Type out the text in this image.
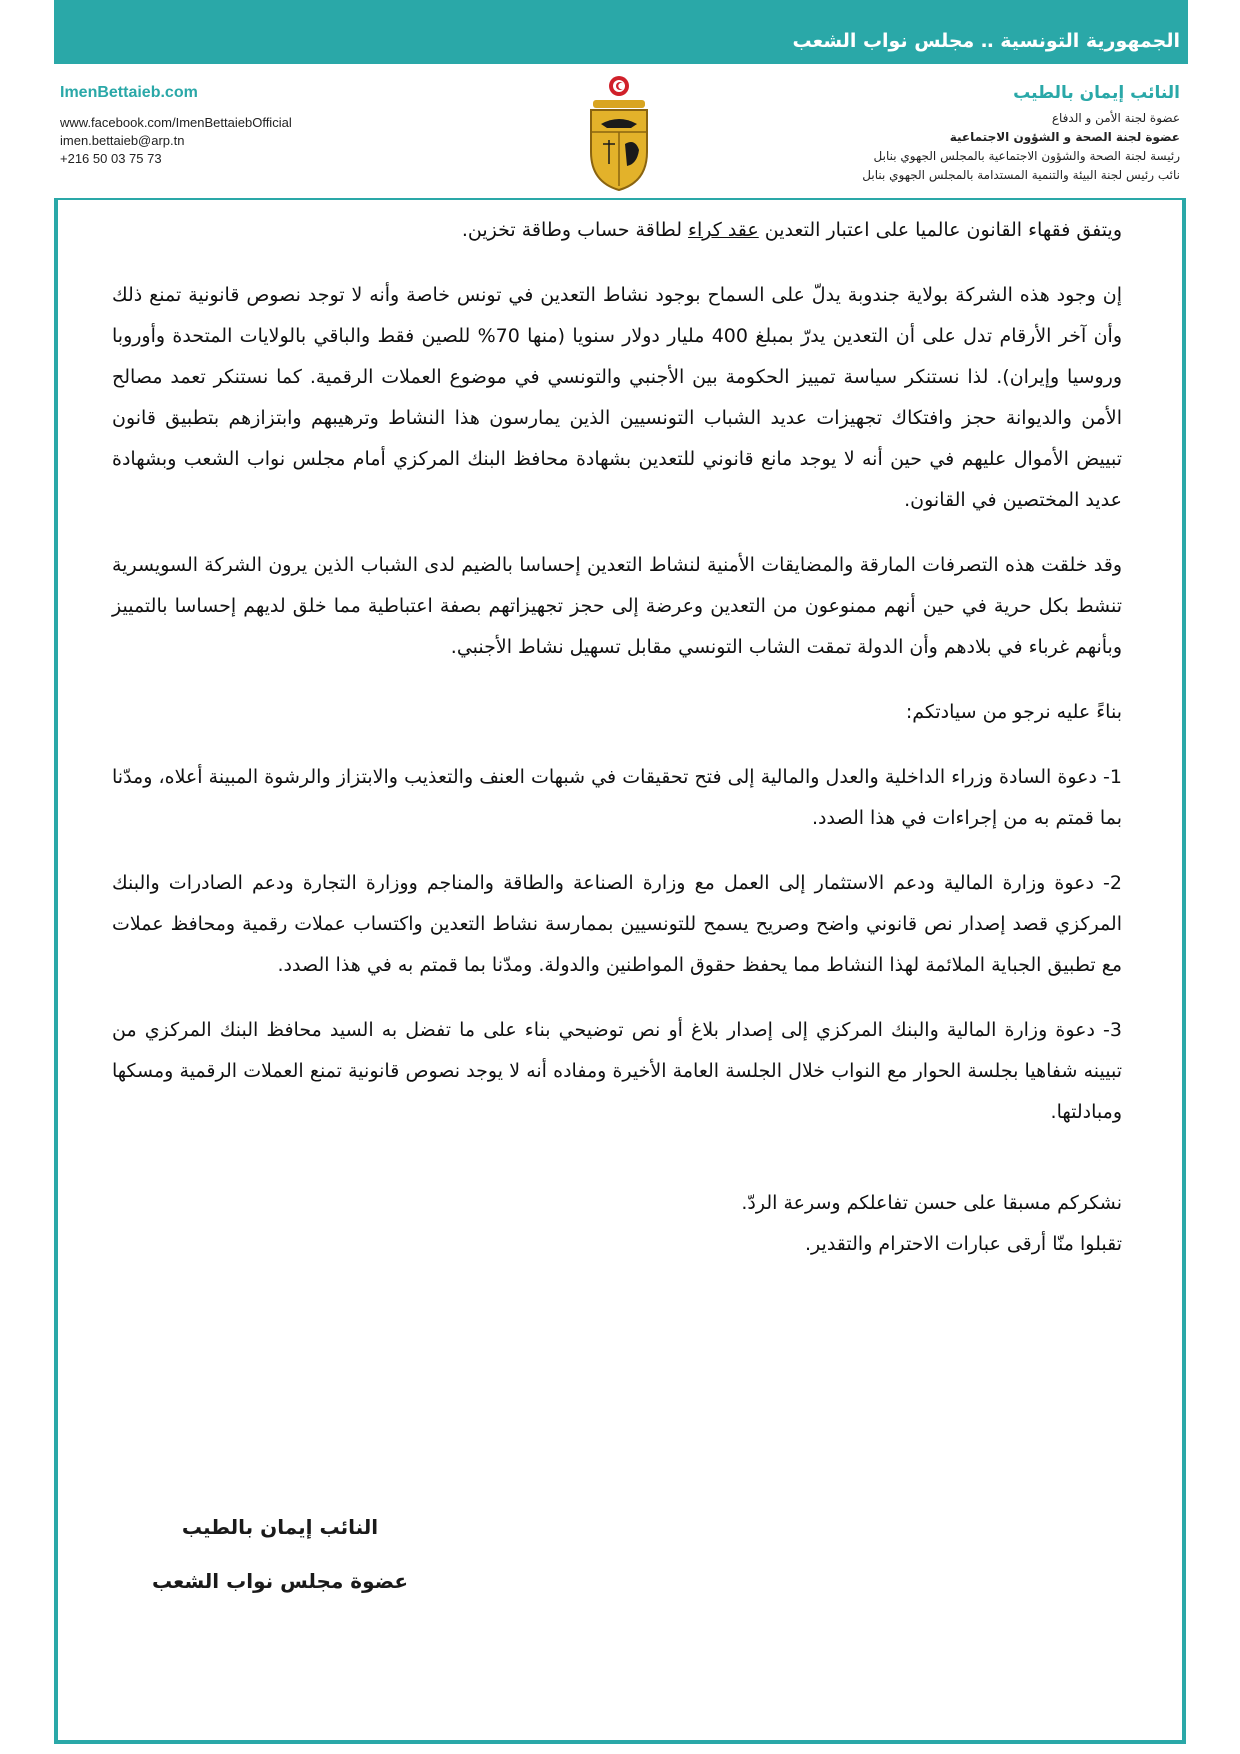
الجمهورية التونسية ‥ مجلس نواب الشعب
ImenBettaieb.com
www.facebook.com/ImenBettaiebOfficial
imen.bettaieb@arp.tn
+216 50 03 75 73
النائب إيمان بالطيب
عضوة لجنة الأمن و الدفاع
عضوة لجنة الصحة و الشؤون الاجتماعية
رئيسة لجنة الصحة والشؤون الاجتماعية بالمجلس الجهوي بنابل
نائب رئيس لجنة البيئة والتنمية المستدامة بالمجلس الجهوي بنابل

ويتفق فقهاء القانون عالميا على اعتبار التعدين عقد كراء لطاقة حساب وطاقة تخزين.

إن وجود هذه الشركة بولاية جندوبة يدلّ على السماح بوجود نشاط التعدين في تونس خاصة وأنه لا توجد نصوص قانونية تمنع ذلك وأن آخر الأرقام تدل على أن التعدين يدرّ بمبلغ 400 مليار دولار سنويا (منها 70% للصين فقط والباقي بالولايات المتحدة وأوروبا وروسيا وإيران). لذا نستنكر سياسة تمييز الحكومة بين الأجنبي والتونسي في موضوع العملات الرقمية. كما نستنكر تعمد مصالح الأمن والديوانة حجز وافتكاك تجهيزات عديد الشباب التونسيين الذين يمارسون هذا النشاط وترهيبهم وابتزازهم بتطبيق قانون تبييض الأموال عليهم في حين أنه لا يوجد مانع قانوني للتعدين بشهادة محافظ البنك المركزي أمام مجلس نواب الشعب وبشهادة عديد المختصين في القانون.

وقد خلقت هذه التصرفات المارقة والمضايقات الأمنية لنشاط التعدين إحساسا بالضيم لدى الشباب الذين يرون الشركة السويسرية تنشط بكل حرية في حين أنهم ممنوعون من التعدين وعرضة إلى حجز تجهيزاتهم بصفة اعتباطية مما خلق لديهم إحساسا بالتمييز وبأنهم غرباء في بلادهم وأن الدولة تمقت الشاب التونسي مقابل تسهيل نشاط الأجنبي.

بناءً عليه نرجو من سيادتكم:

1- دعوة السادة وزراء الداخلية والعدل والمالية إلى فتح تحقيقات في شبهات العنف والتعذيب والابتزاز والرشوة المبينة أعلاه، ومدّنا بما قمتم به من إجراءات في هذا الصدد.

2- دعوة وزارة المالية ودعم الاستثمار إلى العمل مع وزارة الصناعة والطاقة والمناجم ووزارة التجارة ودعم الصادرات والبنك المركزي قصد إصدار نص قانوني واضح وصريح يسمح للتونسيين بممارسة نشاط التعدين واكتساب عملات رقمية ومحافظ عملات مع تطبيق الجباية الملائمة لهذا النشاط مما يحفظ حقوق المواطنين والدولة. ومدّنا بما قمتم به في هذا الصدد.

3- دعوة وزارة المالية والبنك المركزي إلى إصدار بلاغ أو نص توضيحي بناء على ما تفضل به السيد محافظ البنك المركزي من تبيينه شفاهيا بجلسة الحوار مع النواب خلال الجلسة العامة الأخيرة ومفاده أنه لا يوجد نصوص قانونية تمنع العملات الرقمية ومسكها ومبادلتها.

نشكركم مسبقا على حسن تفاعلكم وسرعة الردّ.

تقبلوا منّا أرقى عبارات الاحترام والتقدير.

النائب إيمان بالطيب
عضوة مجلس نواب الشعب
